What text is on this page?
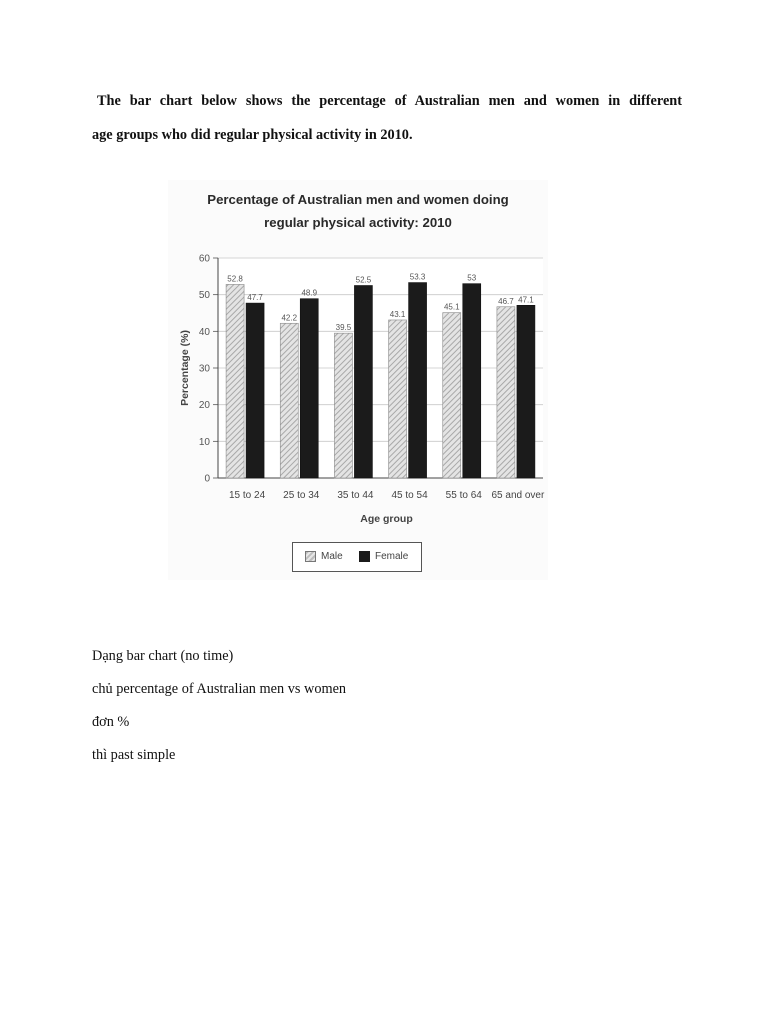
The bar chart below shows the percentage of Australian men and women in different
age groups who did regular physical activity in 2010.

Percentage of Australian men and women doing

regular physical activity: 2010

0
10
20
30
40
50
60
Percentage (%)
Age group
15 to 24
52.8
47.7
25 to 34
42.2
48.9
35 to 44
39.5
52.5
45 to 54
43.1
53.3
55 to 64
45.1
53
65 and over
46.7 47.1
Male	Female
Dạng bar chart (no time)
chủ percentage of Australian men vs women
đơn %
thì past simple
